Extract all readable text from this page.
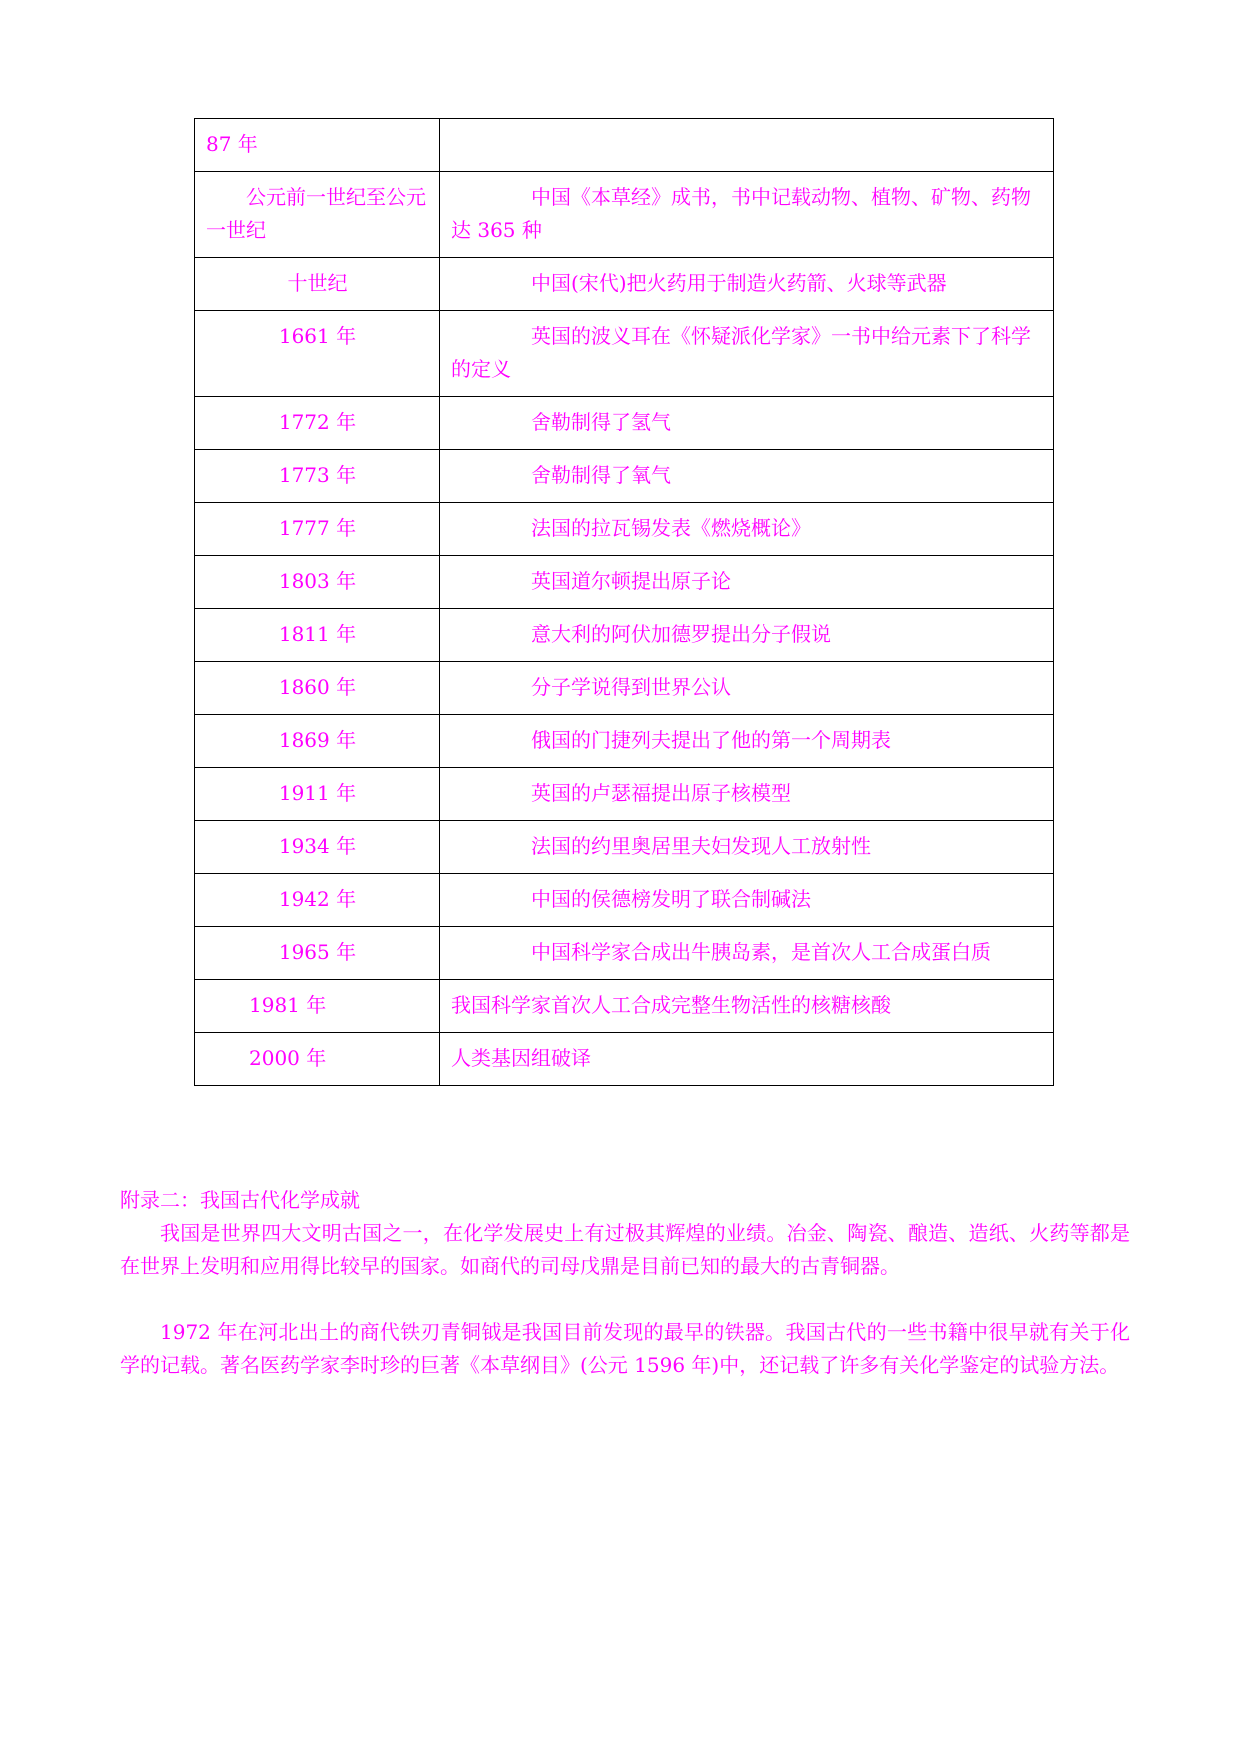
87 年	
公元前一世纪至公元一世纪	中国《本草经》成书，书中记载动物、植物、矿物、药物达 365 种
十世纪	中国(宋代)把火药用于制造火药箭、火球等武器
1661 年	英国的波义耳在《怀疑派化学家》一书中给元素下了科学的定义
1772 年	舍勒制得了氢气
1773 年	舍勒制得了氧气
1777 年	法国的拉瓦锡发表《燃烧概论》
1803 年	英国道尔顿提出原子论
1811 年	意大利的阿伏加德罗提出分子假说
1860 年	分子学说得到世界公认
1869 年	俄国的门捷列夫提出了他的第一个周期表
1911 年	英国的卢瑟福提出原子核模型
1934 年	法国的约里奥居里夫妇发现人工放射性
1942 年	中国的侯德榜发明了联合制碱法
1965 年	中国科学家合成出牛胰岛素，是首次人工合成蛋白质
1981 年	我国科学家首次人工合成完整生物活性的核糖核酸
2000 年	人类基因组破译

附录二：我国古代化学成就

我国是世界四大文明古国之一，在化学发展史上有过极其辉煌的业绩。冶金、陶瓷、酿造、造纸、火药等都是在世界上发明和应用得比较早的国家。如商代的司母戊鼎是目前已知的最大的古青铜器。

1972 年在河北出土的商代铁刃青铜钺是我国目前发现的最早的铁器。我国古代的一些书籍中很早就有关于化学的记载。著名医药学家李时珍的巨著《本草纲目》(公元 1596 年)中，还记载了许多有关化学鉴定的试验方法。
